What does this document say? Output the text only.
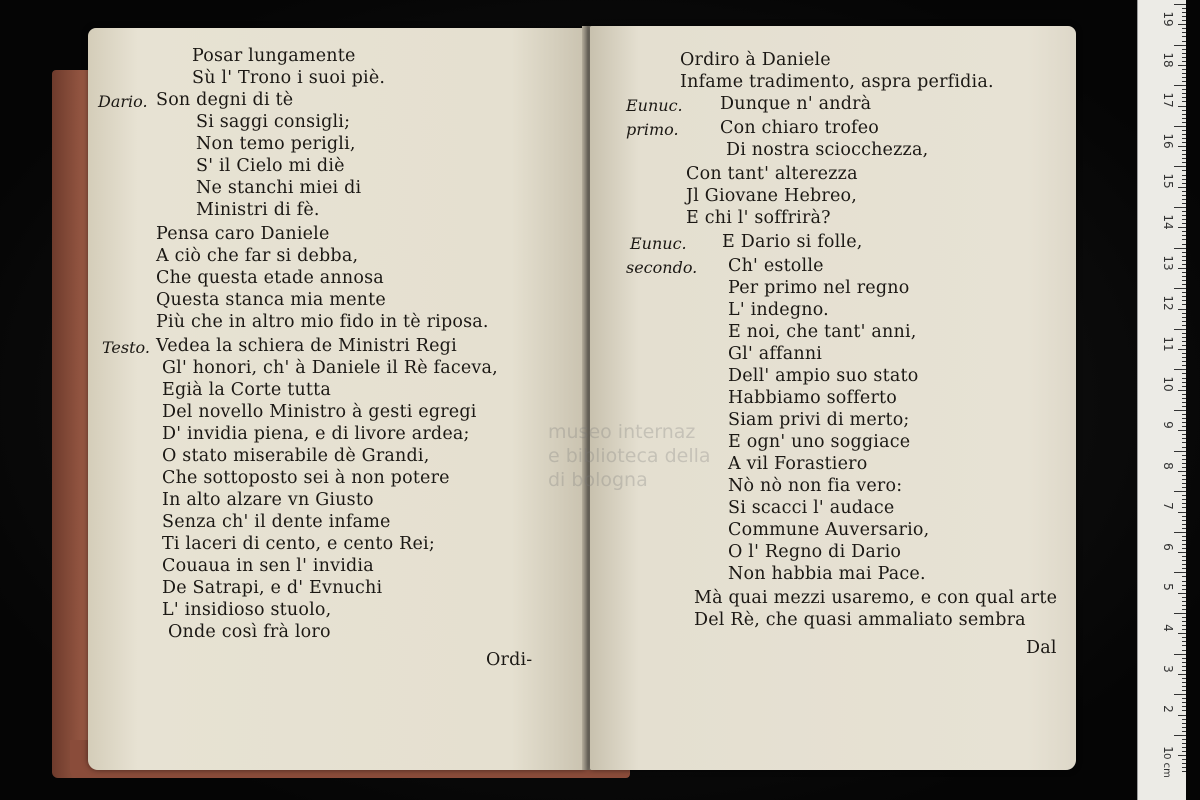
Posar lungamente
Sù l' Trono i suoi piè.
Dario. Son degni di tè
Si saggi consigli;
Non temo perigli,
S' il Cielo mi diè
Ne stanchi miei di
Ministri di fè.
Pensa caro Daniele
A ciò che far si debba,
Che questa etade annosa
Questa stanca mia mente
Più che in altro mio fido in tè riposa.
Testo. Vedea la schiera de Ministri Regi
Gl' honori, ch' à Daniele il Rè faceva,
Egià la Corte tutta
Del novello Ministro à gesti egregi
D' invidia piena, e di livore ardea;
O stato miserabile dè Grandi,
Che sottoposto sei à non potere
In alto alzare vn Giusto
Senza ch' il dente infame
Ti laceri di cento, e cento Rei;
Couaua in sen l' invidia
De Satrapi, e d' Evnuchi
L' insidioso stuolo,
Onde così frà loro
Ordi-
Ordiro à Daniele
Infame tradimento, aspra perfidia.
Eunuc. Dunque n' andrà
primo. Con chiaro trofeo
Di nostra sciocchezza,
Con tant' alterezza
Jl Giovane Hebreo,
E chi l' soffrirà?
Eunuc. E Dario si folle,
secondo. Ch' estolle
Per primo nel regno
L' indegno.
E noi, che tant' anni,
Gl' affanni
Dell' ampio suo stato
Habbiamo sofferto
Siam privi di merto;
E ogn' uno soggiace
A vil Forastiero
Nò nò non fia vero:
Si scacci l' audace
Commune Auversario,
O l' Regno di Dario
Non habbia mai Pace.
Mà quai mezzi usaremo, e con qual arte
Del Rè, che quasi ammaliato sembra
Dal
museo internaz
e biblioteca della
di bologna
0 cm
19
18
17
16
15
14
13
12
11
10
9
8
7
6
5
4
3
2
1
